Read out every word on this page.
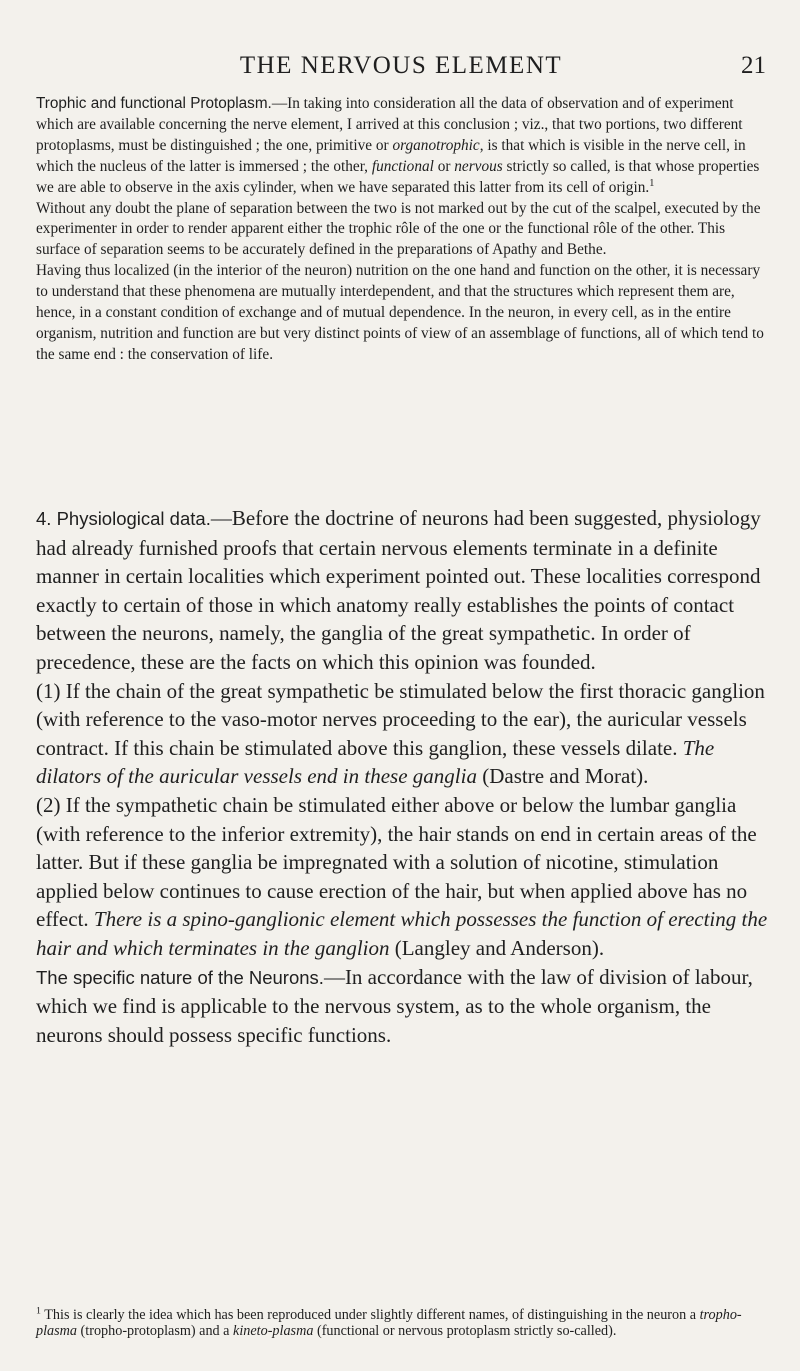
THE NERVOUS ELEMENT	21

Trophic and functional Protoplasm.—In taking into consideration all the data of observation and of experiment which are available concerning the nerve element, I arrived at this conclusion ; viz., that two portions, two different protoplasms, must be distinguished ; the one, primitive or organotrophic, is that which is visible in the nerve cell, in which the nucleus of the latter is immersed ; the other, functional or nervous strictly so called, is that whose properties we are able to observe in the axis cylinder, when we have separated this latter from its cell of origin.$^1$

Without any doubt the plane of separation between the two is not marked out by the cut of the scalpel, executed by the experimenter in order to render apparent either the trophic rôle of the one or the functional rôle of the other. This surface of separation seems to be accurately defined in the preparations of Apathy and Bethe.

Having thus localized (in the interior of the neuron) nutrition on the one hand and function on the other, it is necessary to understand that these phenomena are mutually interdependent, and that the structures which represent them are, hence, in a constant condition of exchange and of mutual dependence. In the neuron, in every cell, as in the entire organism, nutrition and function are but very distinct points of view of an assemblage of functions, all of which tend to the same end : the conservation of life.

4. Physiological data.—Before the doctrine of neurons had been suggested, physiology had already furnished proofs that certain nervous elements terminate in a definite manner in certain localities which experiment pointed out. These localities correspond exactly to certain of those in which anatomy really establishes the points of contact between the neurons, namely, the ganglia of the great sympathetic. In order of precedence, these are the facts on which this opinion was founded.

(1) If the chain of the great sympathetic be stimulated below the first thoracic ganglion (with reference to the vaso-motor nerves proceeding to the ear), the auricular vessels contract. If this chain be stimulated above this ganglion, these vessels dilate. The dilators of the auricular vessels end in these ganglia (Dastre and Morat).

(2) If the sympathetic chain be stimulated either above or below the lumbar ganglia (with reference to the inferior extremity), the hair stands on end in certain areas of the latter. But if these ganglia be impregnated with a solution of nicotine, stimulation applied below continues to cause erection of the hair, but when applied above has no effect. There is a spino-ganglionic element which possesses the function of erecting the hair and which terminates in the ganglion (Langley and Anderson).

The specific nature of the Neurons.—In accordance with the law of division of labour, which we find is applicable to the nervous system, as to the whole organism, the neurons should possess specific functions.

$^1$ This is clearly the idea which has been reproduced under slightly different names, of distinguishing in the neuron a tropho-plasma (tropho-protoplasm) and a kineto-plasma (functional or nervous protoplasm strictly so-called).
